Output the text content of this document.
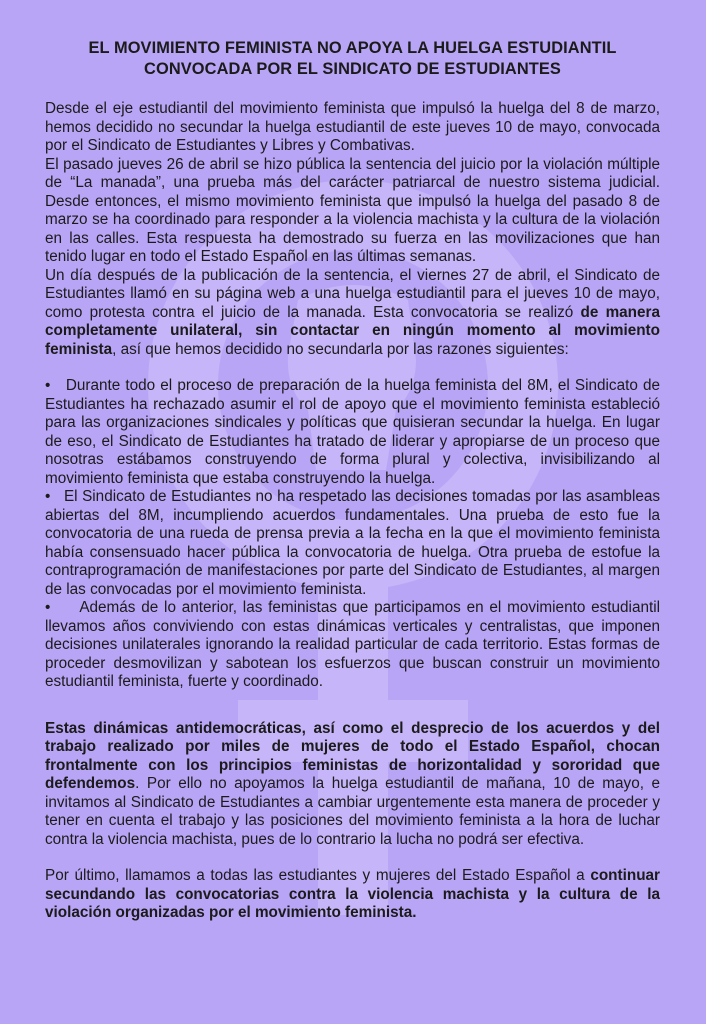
EL MOVIMIENTO FEMINISTA NO APOYA LA HUELGA ESTUDIANTIL
CONVOCADA POR EL SINDICATO DE ESTUDIANTES

Desde el eje estudiantil del movimiento feminista que impulsó la huelga del 8 de marzo, hemos decidido no secundar la huelga estudiantil de este jueves 10 de mayo, convocada por el Sindicato de Estudiantes y Libres y Combativas.

El pasado jueves 26 de abril se hizo pública la sentencia del juicio por la violación múltiple de “La manada”, una prueba más del carácter patriarcal de nuestro sistema judicial. Desde entonces, el mismo movimiento feminista que impulsó la huelga del pasado 8 de marzo se ha coordinado para responder a la violencia machista y la cultura de la violación en las calles. Esta respuesta ha demostrado su fuerza en las movilizaciones que han tenido lugar en todo el Estado Español en las últimas semanas.

Un día después de la publicación de la sentencia, el viernes 27 de abril, el Sindicato de Estudiantes llamó en su página web a una huelga estudiantil para el jueves 10 de mayo, como protesta contra el juicio de la manada. Esta convocatoria se realizó de manera completamente unilateral, sin contactar en ningún momento al movimiento feminista, así que hemos decidido no secundarla por las razones siguientes:

• Durante todo el proceso de preparación de la huelga feminista del 8M, el Sindicato de Estudiantes ha rechazado asumir el rol de apoyo que el movimiento feminista estableció para las organizaciones sindicales y políticas que quisieran secundar la huelga. En lugar de eso, el Sindicato de Estudiantes ha tratado de liderar y apropiarse de un proceso que nosotras estábamos construyendo de forma plural y colectiva, invisibilizando al movimiento feminista que estaba construyendo la huelga.

• El Sindicato de Estudiantes no ha respetado las decisiones tomadas por las asambleas abiertas del 8M, incumpliendo acuerdos fundamentales. Una prueba de esto fue la convocatoria de una rueda de prensa previa a la fecha en la que el movimiento feminista había consensuado hacer pública la convocatoria de huelga. Otra prueba de estofue la contraprogramación de manifestaciones por parte del Sindicato de Estudiantes, al margen de las convocadas por el movimiento feminista.

• Además de lo anterior, las feministas que participamos en el movimiento estudiantil llevamos años conviviendo con estas dinámicas verticales y centralistas, que imponen decisiones unilaterales ignorando la realidad particular de cada territorio. Estas formas de proceder desmovilizan y sabotean los esfuerzos que buscan construir un movimiento estudiantil feminista, fuerte y coordinado.

Estas dinámicas antidemocráticas, así como el desprecio de los acuerdos y del trabajo realizado por miles de mujeres de todo el Estado Español, chocan frontalmente con los principios feministas de horizontalidad y sororidad que defendemos. Por ello no apoyamos la huelga estudiantil de mañana, 10 de mayo, e invitamos al Sindicato de Estudiantes a cambiar urgentemente esta manera de proceder y tener en cuenta el trabajo y las posiciones del movimiento feminista a la hora de luchar contra la violencia machista, pues de lo contrario la lucha no podrá ser efectiva.

Por último, llamamos a todas las estudiantes y mujeres del Estado Español a continuar secundando las convocatorias contra la violencia machista y la cultura de la violación organizadas por el movimiento feminista.
